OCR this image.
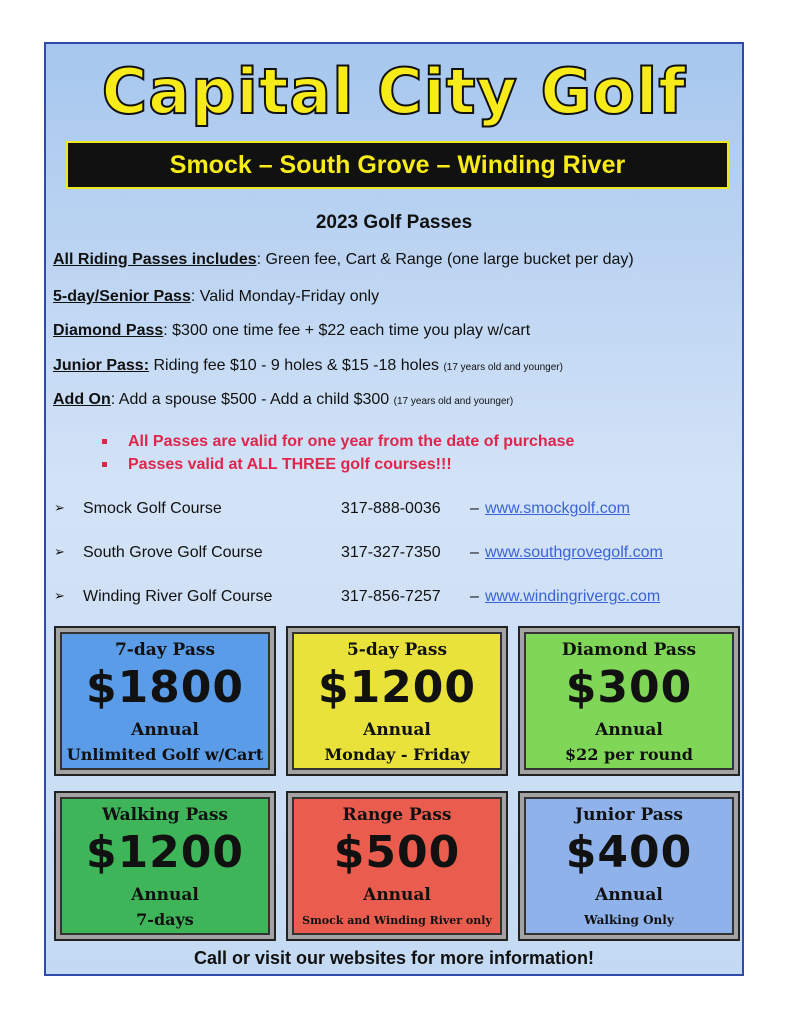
Capital City Golf
Smock – South Grove – Winding River
2023 Golf Passes
All Riding Passes includes: Green fee, Cart & Range (one large bucket per day)
5-day/Senior Pass: Valid Monday-Friday only
Diamond Pass: $300 one time fee + $22 each time you play w/cart
Junior Pass: Riding fee $10 - 9 holes & $15 -18 holes (17 years old and younger)
Add On: Add a spouse $500 - Add a child $300 (17 years old and younger)
All Passes are valid for one year from the date of purchase
Passes valid at ALL THREE golf courses!!!
➢ Smock Golf Course	317-888-0036 – www.smockgolf.com
➢ South Grove Golf Course	317-327-7350 – www.southgrovegolf.com
➢ Winding River Golf Course	317-856-7257 – www.windingrivergc.com
7-day Pass
$1800
Annual
Unlimited Golf w/Cart
5-day Pass
$1200
Annual
Monday - Friday
Diamond Pass
$300
Annual
$22 per round
Walking Pass
$1200
Annual
7-days
Range Pass
$500
Annual
Smock and Winding River only
Junior Pass
$400
Annual
Walking Only
Call or visit our websites for more information!
